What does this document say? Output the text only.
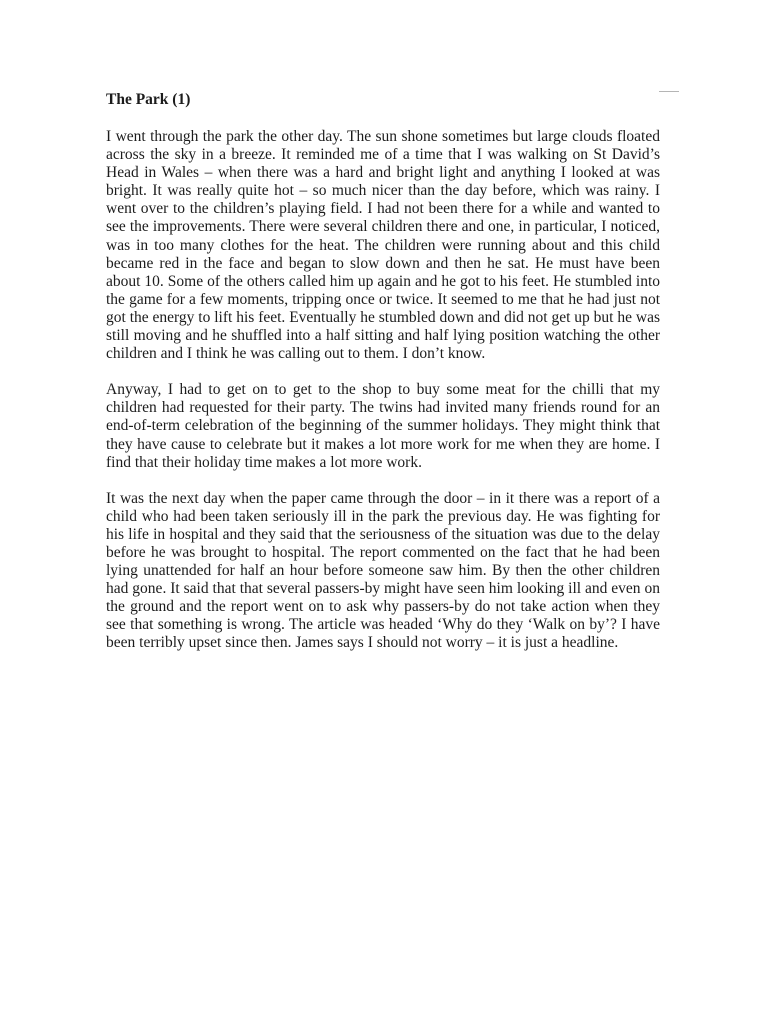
The Park (1)

I went through the park the other day. The sun shone sometimes but large clouds floated across the sky in a breeze. It reminded me of a time that I was walking on St David’s Head in Wales – when there was a hard and bright light and anything I looked at was bright. It was really quite hot – so much nicer than the day before, which was rainy. I went over to the children’s playing field. I had not been there for a while and wanted to see the improvements. There were several children there and one, in particular, I noticed, was in too many clothes for the heat. The children were running about and this child became red in the face and began to slow down and then he sat. He must have been about 10. Some of the others called him up again and he got to his feet. He stumbled into the game for a few moments, tripping once or twice. It seemed to me that he had just not got the energy to lift his feet. Eventually he stumbled down and did not get up but he was still moving and he shuffled into a half sitting and half lying position watching the other children and I think he was calling out to them. I don’t know.

Anyway, I had to get on to get to the shop to buy some meat for the chilli that my children had requested for their party. The twins had invited many friends round for an end-of-term celebration of the beginning of the summer holidays. They might think that they have cause to celebrate but it makes a lot more work for me when they are home. I find that their holiday time makes a lot more work.

It was the next day when the paper came through the door – in it there was a report of a child who had been taken seriously ill in the park the previous day. He was fighting for his life in hospital and they said that the seriousness of the situation was due to the delay before he was brought to hospital. The report commented on the fact that he had been lying unattended for half an hour before someone saw him. By then the other children had gone. It said that that several passers-by might have seen him looking ill and even on the ground and the report went on to ask why passers-by do not take action when they see that something is wrong. The article was headed ‘Why do they ‘Walk on by’? I have been terribly upset since then. James says I should not worry – it is just a headline.
